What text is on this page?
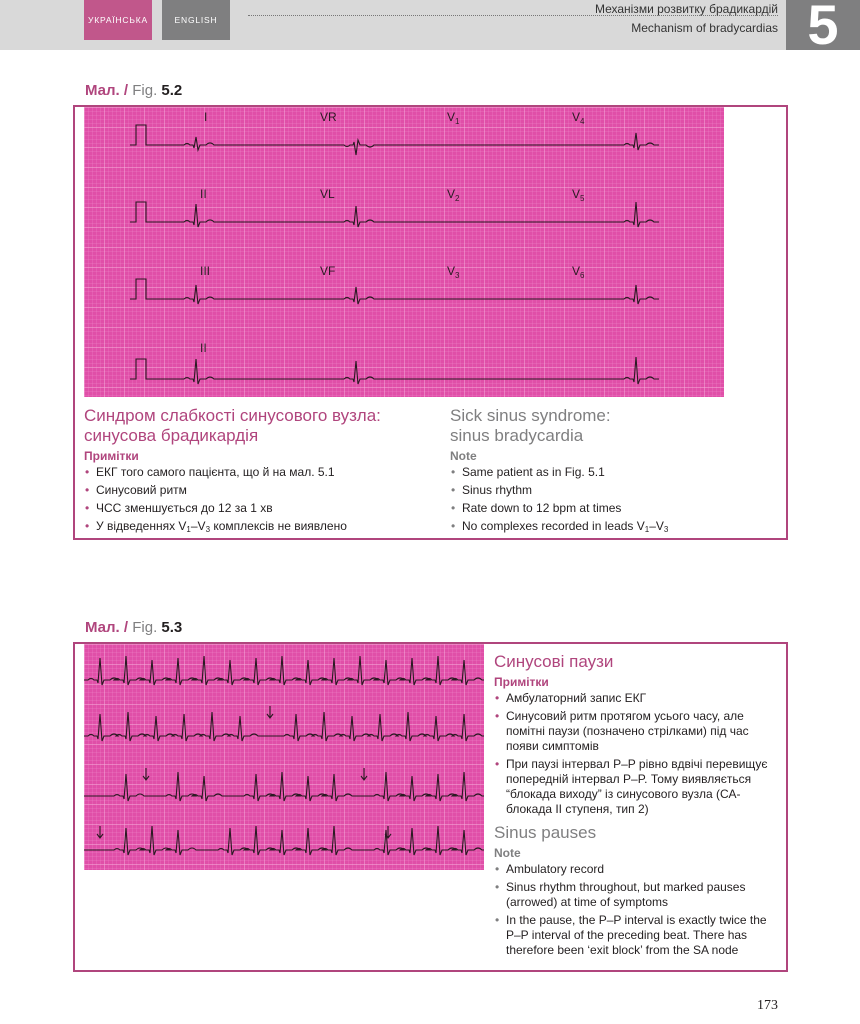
УКРАЇНСЬКА	ENGLISH
Механізми розвитку брадикардій
Mechanism of bradycardias 5
Мал. / Fig. 5.2
I	VR	$V_1$	$V_4$
II	VL	$V_2$	$V_5$
III	VF	$V_3$	$V_6$
II
Синдром слабкості синусового вузла:
синусова брадикардія
Примітки
• ЕКГ того самого пацієнта, що й на мал. 5.1
• Синусовий ритм
• ЧСС зменшується до 12 за 1 хв
• У відведеннях $V_1-V_3$ комплексів не виявлено
Sick sinus syndrome:
sinus bradycardia
Note
• Same patient as in Fig. 5.1
• Sinus rhythm
• Rate down to 12 bpm at times
• No complexes recorded in leads $V_1-V_3$
Мал. / Fig. 5.3
Синусові паузи
Примітки
• Амбулаторний запис ЕКГ
• Синусовий ритм протягом усього часу, але помітні паузи (позначено стрілками) під час появи симптомів
• При паузі інтервал P–P рівно вдвічі перевищує попередній інтервал P–P. Тому виявляється “блокада виходу” із синусового вузла (СА-блокада II ступеня, тип 2)
Sinus pauses
Note
• Ambulatory record
• Sinus rhythm throughout, but marked pauses (arrowed) at time of symptoms
• In the pause, the P–P interval is exactly twice the P–P interval of the preceding beat. There has therefore been ‘exit block’ from the SA node
173
